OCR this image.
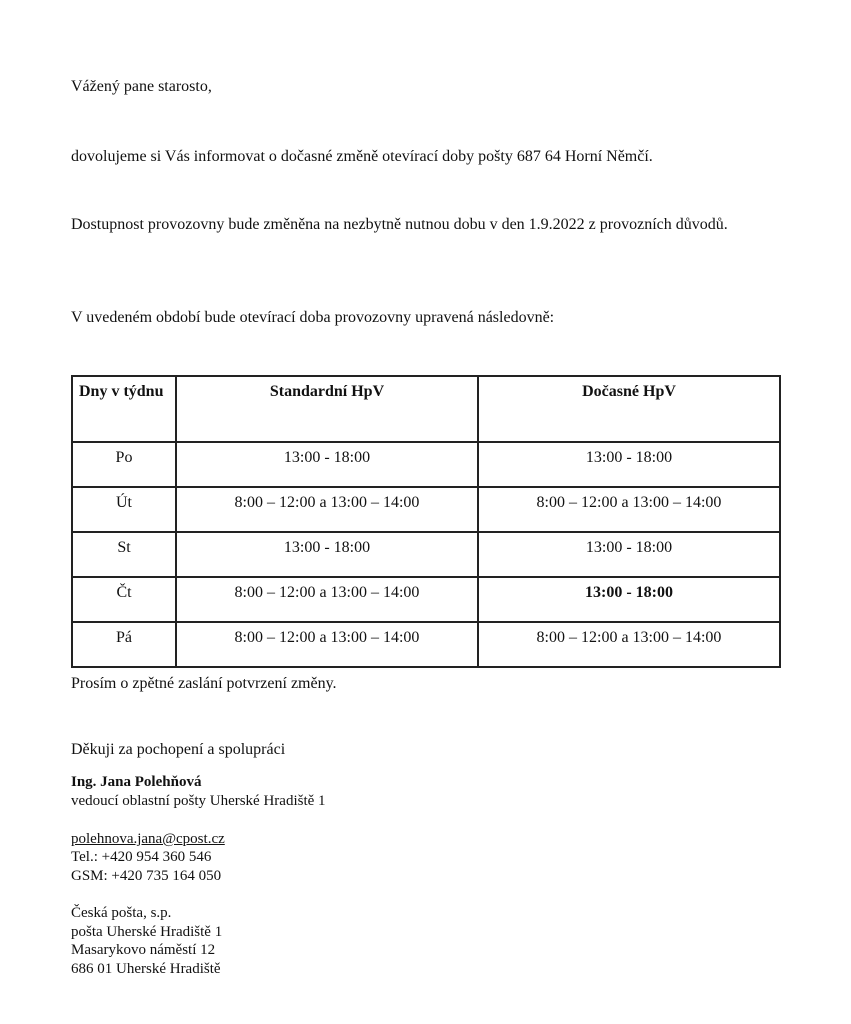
Vážený pane starosto,
dovolujeme si Vás informovat o dočasné změně otevírací doby pošty 687 64 Horní Němčí.
Dostupnost provozovny bude změněna na nezbytně nutnou dobu v den 1.9.2022 z provozních důvodů.
V uvedeném období bude otevírací doba provozovny upravená následovně:
Dny v týdnu	Standardní HpV	Dočasné HpV
Po	13:00 - 18:00	13:00 - 18:00
Út	8:00 – 12:00 a 13:00 – 14:00	8:00 – 12:00 a 13:00 – 14:00
St	13:00 - 18:00	13:00 - 18:00
Čt	8:00 – 12:00 a 13:00 – 14:00	13:00 - 18:00
Pá	8:00 – 12:00 a 13:00 – 14:00	8:00 – 12:00 a 13:00 – 14:00
Prosím o zpětné zaslání potvrzení změny.
Děkuji za pochopení a spolupráci
Ing. Jana Polehňová
vedoucí oblastní pošty Uherské Hradiště 1
polehnova.jana@cpost.cz
Tel.: +420 954 360 546
GSM: +420 735 164 050
Česká pošta, s.p.
pošta Uherské Hradiště 1
Masarykovo náměstí 12
686 01 Uherské Hradiště
